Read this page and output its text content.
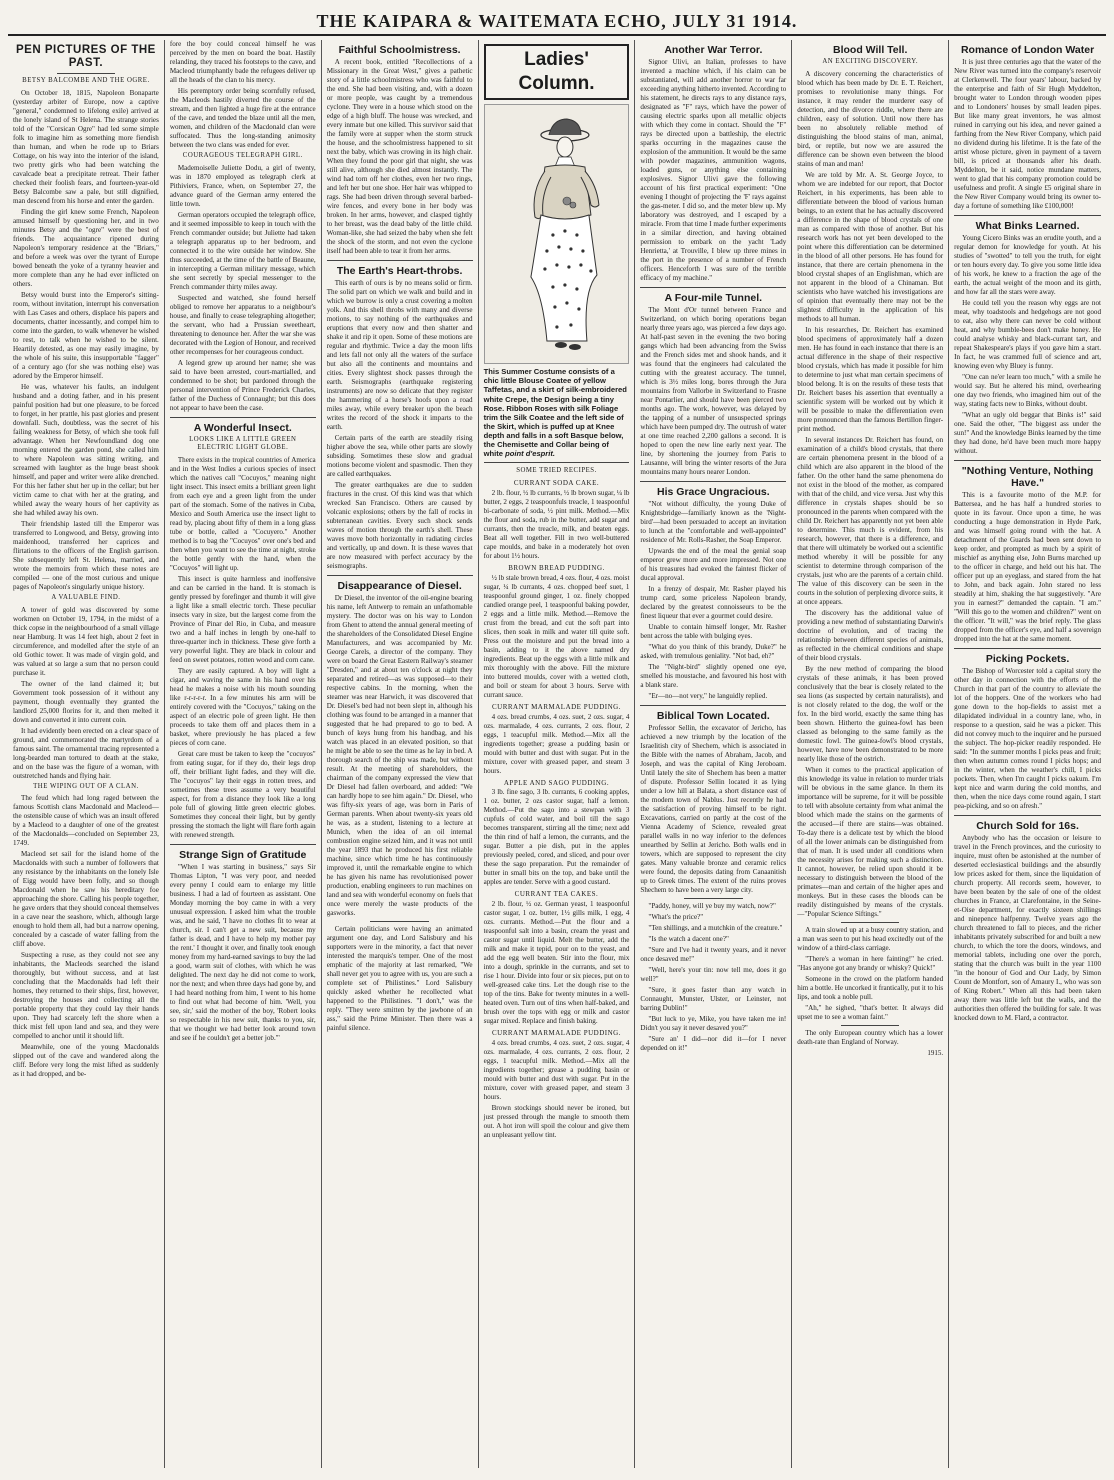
THE KAIPARA & WAITEMATA ECHO, JULY 31 1914.
PEN PICTURES OF THE PAST.
BETSY BALCOMBE AND THE OGRE.

On October 18, 1815, Napoleon Bonaparte (yesterday arbiter of Europe, now a captive "general," condemned to lifelong exile) arrived at the lonely island of St Helena. The strange stories told of the "Corsican Ogre" had led some simple folk to imagine him as something more fiendish than human, and when he rode up to Briars Cottage, on his way into the interior of the island, two pretty girls who had been watching the cavalcade beat a precipitate retreat. Their father checked their foolish fears, and fourteen-year-old Betsy Balcombe saw a pale, but still dignified, man descend from his horse and enter the garden.

Finding the girl knew some French, Napoleon amused himself by questioning her, and in two minutes Betsy and the "ogre" were the best of friends. The acquaintance ripened during Napoleon's temporary residence at the "Briars," and before a week was over the tyrant of Europe bowed beneath the yoke of a tyranny heavier and more complete than any he had ever inflicted on others.

Betsy would burst into the Emperor's sitting-room, without invitation, interrupt his conversation with Las Cases and others, displace his papers and documents, chatter incessantly, and compel him to come into the garden, to walk whenever he wished to rest, to talk when he wished to be silent. Heartily detested, as one may easily imagine, by the whole of his suite, this insupportable "fagger" of a century ago (for she was nothing else) was adored by the Emperor himself.

He was, whatever his faults, an indulgent husband and a doting father, and in his present painful position had but one pleasure, to be forced to forget, in her prattle, his past glories and present downfall. Such, doubtless, was the secret of his failing weakness for Betsy, of which she took full advantage. When her Newfoundland dog one morning entered the garden pond, she called him to where Napoleon was sitting writing, and screamed with laughter as the huge beast shook himself, and paper and writer were alike drenched. For this her father shut her up in the cellar; but her victim came to chat with her at the grating, and whiled away the weary hours of her captivity as she had whiled away his own.

Their friendship lasted till the Emperor was transferred to Longwood, and Betsy, growing into maidenhood, transferred her caprices and flirtations to the officers of the English garrison. She subsequently left St. Helena, married, and wrote the memoirs from which these notes are compiled — one of the most curious and unique pages of Napoleon's singularly unique history.

A VALUABLE FIND.

A tower of gold was discovered by some workmen on October 19, 1794, in the midst of a thick copse in the neighbourhood of a small village near Hamburg. It was 14 feet high, about 2 feet in circumference, and modelled after the style of an old Gothic tower. It was made of virgin gold, and was valued at so large a sum that no person could purchase it.

The owner of the land claimed it; but Government took possession of it without any payment, though eventually they granted the landlord 25,000 florins for it, and then melted it down and converted it into current coin.

It had evidently been erected on a clear space of ground, and commemorated the martyrdom of a famous saint. The ornamental tracing represented a long-bearded man tortured to death at the stake, and on the base was the figure of a woman, with outstretched hands and flying hair.

THE WIPING OUT OF A CLAN.

The feud which had long raged between the famous Scottish clans Macdonald and Macleod—the ostensible cause of which was an insult offered by a Macleod to a daughter of one of the greatest of the Macdonalds—concluded on September 23, 1749.

Macleod set sail for the island home of the Macdonalds with such a number of followers that any resistance by the inhabitants on the lonely Isle of Eigg would have been folly, and so though Macdonald when he saw his hereditary foe approaching the shore. Calling his people together, he gave orders that they should conceal themselves in a cave near the seashore, which, although large enough to hold them all, had but a narrow opening, concealed by a cascade of water falling from the cliff above.

Suspecting a ruse, as they could not see any inhabitants, the Macleods searched the island thoroughly, but without success, and at last concluding that the Macdonalds had left their homes, they returned to their ships, first, however, destroying the houses and collecting all the portable property that they could lay their hands upon. They had scarcely left the shore when a thick mist fell upon land and sea, and they were compelled to anchor until it should lift.

Meanwhile, one of the young Macdonalds slipped out of the cave and wandered along the cliff. Before very long the mist lifted as suddenly as it had dropped, and be-

fore the boy could conceal himself he was perceived by the men on board the boat. Hastily relanding, they traced his footsteps to the cave, and Macleod triumphantly bade the refugees deliver up all the heads of the clan to his mercy.

His peremptory order being scornfully refused, the Macleods hastily diverted the course of the stream, and then lighted a huge fire at the entrance of the cave, and tended the blaze until all the men, women, and children of the Macdonald clan were suffocated. Thus the long-standing animosity between the two clans was ended for ever.

COURAGEOUS TELEGRAPH GIRL.

Mademoiselle Juliette Dodu, a girl of twenty, was in 1870 employed as telegraph clerk at Pithiviers, France, when, on September 27, the advance guard of the German army entered the little town.

German operators occupied the telegraph office, and it seemed impossible to keep in touch with the French commander outside; but Juliette had taken a telegraph apparatus up to her bedroom, and connected it to the wire outside her window. She thus succeeded, at the time of the battle of Beaune, in intercepting a German military message, which she sent secretly by special messenger to the French commander thirty miles away.

Suspected and watched, she found herself obliged to remove her apparatus to a neighbour's house, and finally to cease telegraphing altogether; the servant, who had a Prussian sweetheart, threatening to denounce her. After the war she was decorated with the Legion of Honour, and received other recompenses for her courageous conduct.

A legend grew up around her name; she was said to have been arrested, court-martialled, and condemned to be shot; but pardoned through the personal intervention of Prince Frederick Charles, father of the Duchess of Connaught; but this does not appear to have been the case.

A Wonderful Insect.
LOOKS LIKE A LITTLE GREEN ELECTRIC LIGHT GLOBE.

There exists in the tropical countries of America and in the West Indies a curious species of insect which the natives call "Cocuyos," meaning night light insect. This insect emits a brilliant green light from each eye and a green light from the under part of the stomach. Some of the natives in Cuba, Mexico and South America use the insect light to read by, placing about fifty of them in a long glass tube or bottle, called a "Cocuyero." Another method is to bag the "Cocuyos" over one's bed and then when you want to see the time at night, stroke the bottle gently with the hand, when the "Cocuyos" will light up.

This insect is quite harmless and inoffensive and can be carried in the hand. It is stomach is gently pressed by forefinger and thumb it will give a light like a small electric torch. These peculiar insects vary in size, but the largest come from the Province of Pinar del Rio, in Cuba, and measure two and a half inches in length by one-half to three-quarter inch in thickness. These give forth a very powerful light. They are black in colour and feed on sweet potatoes, rotten wood and corn cane.

They are easily captured. A boy will light a cigar, and waving the same in his hand over his head he makes a noise with his mouth sounding like r-r-r-r-r. In a few minutes his arm will be entirely covered with the "Cocuyos," taking on the aspect of an electric pole of green light. He then proceeds to take them off and places them in a basket, where previously he has placed a few pieces of corn cane.

Great care must be taken to keep the "cocuyos" from eating sugar, for if they do, their legs drop off, their brilliant light fades, and they will die. The "cocuyos" lay their eggs in rotten trees, and sometimes these trees assume a very beautiful aspect, for from a distance they look like a long pole full of glowing little green electric globes. Sometimes they conceal their light, but by gently pressing the stomach the light will flare forth again with renewed strength.

Strange Sign of Gratitude

"When I was starting in business," says Sir Thomas Lipton, "I was very poor, and needed every penny I could earn to enlarge my little business. I had a lad of fourteen as assistant. One Monday morning the boy came in with a very unusual expression. I asked him what the trouble was, and he said, 'I have no clothes fit to wear at church, sir. I can't get a new suit, because my father is dead, and I have to help my mother pay the rent.' I thought it over, and finally took enough money from my hard-earned savings to buy the lad a good, warm suit of clothes, with which he was delighted. The next day he did not come to work, nor the next; and when three days had gone by, and I had heard nothing from him, I went to his home to find out what had become of him. 'Well, you see, sir,' said the mother of the boy, 'Robert looks so respectable in his new suit, thanks to you, sir, that we thought we had better look around town and see if he couldn't get a better job.'"

Faithful Schoolmistress.

A recent book, entitled "Recollections of a Missionary in the Great West," gives a pathetic story of a little schoolmistress who was faithful to the end. She had been visiting, and, with a dozen or more people, was caught by a tremendous cyclone. They were in a house which stood on the edge of a high bluff. The house was wrecked, and every inmate but one killed. This survivor said that the family were at supper when the storm struck the house, and the schoolmistress happened to sit next the baby, which was crowing in its high chair. When they found the poor girl that night, she was still alive, although she died almost instantly. The wind had torn off her clothes, even her two rings, and left her but one shoe. Her hair was whipped to rags. She had been driven through several barbed-wire fences, and every bone in her body was broken. In her arms, however, and clasped tightly to her breast, was the dead baby of the little child. Woman-like, she had seized the baby when she felt the shock of the storm, and not even the cyclone itself had been able to tear it from her arms.

The Earth's Heart-throbs.

This earth of ours is by no means solid or firm. The solid part on which we walk and build and in which we burrow is only a crust covering a molten yolk. And this shell throbs with many and diverse motions, to say nothing of the earthquakes and eruptions that every now and then shatter and shake it and rip it open. Some of these motions are regular and rhythmic. Twice a day the moon lifts and lets fall not only all the waters of the surface but also all the continents and mountains and cities. Every slightest shock passes through the earth. Seismographs (earthquake registering instruments) are now so delicate that they register the hammering of a horse's hoofs upon a road miles away, while every breaker upon the beach writes the record of the shock it imparts to the earth.

Certain parts of the earth are steadily rising higher above the sea, while other parts are slowly subsiding. Sometimes these slow and gradual motions become violent and spasmodic. Then they are called earthquakes.

The greater earthquakes are due to sudden fractures in the crust. Of this kind was that which wrecked San Francisco. Others are caused by volcanic explosions; others by the fall of rocks in subterranean cavities. Every such shock sends waves of motion through the earth's shell. These waves move both horizontally in radiating circles and vertically, up and down. It is these waves that are now measured with perfect accuracy by the seismographs.

Disappearance of Diesel.

Dr Diesel, the inventor of the oil-engine bearing his name, left Antwerp to remain an unfathomable mystery. The doctor was on his way to London from Ghent to attend the annual general meeting of the shareholders of the Consolidated Diesel Engine Manufacturers, and was accompanied by Mr. George Carels, a director of the company. They were on board the Great Eastern Railway's steamer "Dresden," and at about ten o'clock at night they separated and retired—as was supposed—to their respective cabins. In the morning, when the steamer was near Harwich, it was discovered that Dr. Diesel's bed had not been slept in, although his clothing was found to be arranged in a manner that suggested that he had prepared to go to bed. A bunch of keys hung from his handbag, and his watch was placed in an elevated position, so that he might be able to see the time as he lay in bed. A thorough search of the ship was made, but without result. At the meeting of shareholders, the chairman of the company expressed the view that Dr Diesel had fallen overboard, and added: "We can hardly hope to see him again." Dr. Diesel, who was fifty-six years of age, was born in Paris of German parents. When about twenty-six years old he was, as a student, listening to a lecture at Munich, when the idea of an oil internal combustion engine seized him, and it was not until the year 1893 that he produced his first reliable machine, since which time he has continuously improved it, until the remarkable engine to which he has given his name has revolutionised power production, enabling engineers to run machines on land and sea with wonderful economy on fuels that once were merely the waste products of the gasworks.

Certain politicians were having an animated argument one day, and Lord Salisbury and his supporters were in the minority, a fact that never interested the marquis's temper. One of the most emphatic of the majority at last remarked, "We shall never get you to agree with us, you are such a complete set of Philistines." Lord Salisbury quickly asked whether he recollected what happened to the Philistines. "I don't," was the reply. "They were smitten by the jawbone of an ass," said the Prime Minister. Then there was a painful silence.

Ladies' Column.
This Summer Costume consists of a chic little Blouse Coatee of yellow Taffetas, and a skirt of silk-embroidered white Crepe, the Design being a tiny Rose. Ribbon Roses with silk Foliage trim the Silk Coatee and the left side of the Skirt, which is puffed up at Knee depth and falls in a soft Basque below, the Chemisette and Collar being of white point d'esprit.
SOME TRIED RECIPES.
CURRANT SODA CAKE.

2 lb. flour, ½ lb currants, ½ lb brown sugar, ¼ lb butter, 2 eggs, 2 teaspoonfuls treacle, 1 teaspoonful bi-carbonate of soda, ½ pint milk. Method.—Mix the flour and soda, rub in the butter, add sugar and currants, then the treacle, milk, and beaten eggs. Beat all well together. Fill in two well-buttered cape moulds, and bake in a moderately hot oven for about 1½ hours.

BROWN BREAD PUDDING.

½ lb stale brown bread, 4 ozs. flour, 4 ozs. moist sugar, ¼ lb currants, 4 ozs. chopped beef suet, 1 teaspoonful ground ginger, 1 oz. finely chopped candied orange peel, 1 teaspoonful baking powder, 2 eggs and a little milk. Method.—Remove the crust from the bread, and cut the soft part into slices, then soak in milk and water till quite soft. Press out the moisture and put the bread into a basin, adding to it the above named dry ingredients. Beat up the eggs with a little milk and mix thoroughly with the above. Fill the mixture into buttered moulds, cover with a wetted cloth, and boil or steam for about 3 hours. Serve with currant sauce.

CURRANT MARMALADE PUDDING.

4 ozs. bread crumbs, 4 ozs. suet, 2 ozs. sugar, 4 ozs. marmalade, 4 ozs. currants, 2 ozs. flour, 2 eggs, 1 teacupful milk. Method.—Mix all the ingredients together; grease a pudding basin or mould with butter and dust with sugar. Put in the mixture, cover with greased paper, and steam 3 hours.

APPLE AND SAGO PUDDING.

3 lb. fine sago, 3 lb. currants, 6 cooking apples, 1 oz. butter, 2 ozs castor sugar, half a lemon. Method.—Put the sago into a stewpan with 3 cupfuls of cold water, and boil till the sago becomes transparent, stirring all the time; next add the thin rind of half a lemon, the currants, and the sugar. Butter a pie dish, put in the apples previously peeled, cored, and sliced, and pour over these the sago preparation. Put the remainder of butter in small bits on the top, and bake until the apples are tender. Serve with a good custard.

CURRANT TEA CAKES.

2 lb. flour, ½ oz. German yeast, 1 teaspoonful castor sugar, 1 oz. butter, 1½ gills milk, 1 egg, 4 ozs. currants. Method.—Put the flour and a teaspoonful salt into a basin, cream the yeast and castor sugar until liquid. Melt the butter, add the milk and make it tepid, pour on to the yeast, and add the egg well beaten. Stir into the flour, mix into a dough, sprinkle in the currants, and set to rise 1 hour. Divide into four or six pieces, put on to well-greased cake tins. Let the dough rise to the top of the tins. Bake for twenty minutes in a well-heated oven. Turn out of tins when half-baked, and brush over the tops with egg or milk and castor sugar mixed. Replace and finish baking.

CURRANT MARMALADE PUDDING.

4 ozs. bread crumbs, 4 ozs. suet, 2 ozs. sugar, 4 ozs. marmalade, 4 ozs. currants, 2 ozs. flour, 2 eggs, 1 teacupful milk. Method.—Mix all the ingredients together; grease a pudding basin or mould with butter and dust with sugar. Put in the mixture, cover with greased paper, and steam 3 hours.

Brown stockings should never be ironed, but just pressed through the mangle to smooth them out. A hot iron will spoil the colour and give them an unpleasant yellow tint.

Another War Terror.

Signor Ulivi, an Italian, professes to have invented a machine which, if his claim can be substantiated, will add another horror to war far exceeding anything hitherto invented. According to his statement, he directs rays to any distance rays, designated as "F" rays, which have the power of causing electric sparks upon all metallic objects with which they come in contact. Should the "F" rays be directed upon a battleship, the electric sparks occurring in the magazines cause the explosion of the ammunition. It would be the same with powder magazines, ammunition wagons, loaded guns, or anything else containing explosives. Signor Ulivi gave the following account of his first practical experiment: "One evening I thought of projecting the 'F' rays against the gas-meter. I did so, and the meter blew up. My laboratory was destroyed, and I escaped by a miracle. From that time I made further experiments in a similar direction, and having obtained permission to embark on the yacht 'Lady Henrietta,' at Trouville, I blew up three mines in the port in the presence of a number of French officers. Henceforth I was sure of the terrible efficacy of my machine."

A Four-mile Tunnel.

The Mont d'Or tunnel between France and Switzerland, on which boring operations began nearly three years ago, was pierced a few days ago. At half-past seven in the evening the two boring gangs which had been advancing from the Swiss and the French sides met and shook hands, and it was found that the engineers had calculated the cutting with the greatest accuracy. The tunnel, which is 3½ miles long, bores through the Jura mountains from Vallorbe in Switzerland to Frasne near Pontarlier, and should have been pierced two months ago. The work, however, was delayed by the tapping of a number of unsuspected springs which have been pumped dry. The outrush of water at one time reached 2,200 gallons a second. It is hoped to open the new line early next year. The line, by shortening the journey from Paris to Lausanne, will bring the winter resorts of the Jura mountains many hours nearer London.

His Grace Ungracious.

"Not without difficulty, the young Duke of Knightsbridge—familiarly known as the 'Night-bird'—had been persuaded to accept an invitation to lunch at the "comfortable and well-appointed" residence of Mr. Rolls-Rasher, the Soap Emperor.

Upwards the end of the meal the genial soap emperor grew more and more impressed. Not one of his treasures had evoked the faintest flicker of ducal approval.

In a frenzy of despair, Mr. Rasher played his trump card, some priceless Napoleon brandy, declared by the greatest connoisseurs to be the finest liqueur that ever a gourmet could desire.

Unable to contain himself longer, Mr. Rasher bent across the table with bulging eyes.

"What do you think of this brandy, Duke?" he asked, with tremulous geniality. "Not bad, eh?"

The "Night-bird" slightly opened one eye, smelled his moustache, and favoured his host with a blank stare.

"Er—no—not very," he languidly replied.

Biblical Town Located.

Professor Sellin, the excavator of Jericho, has achieved a new triumph by the location of the Israelitish city of Shechem, which is associated in the Bible with the names of Abraham, Jacob, and Joseph, and was the capital of King Jeroboam. Until lately the site of Shechem has been a matter of dispute. Professor Sellin located it as lying under a low hill at Balata, a short distance east of the modern town of Nablus. Just recently he had the satisfaction of proving himself to be right. Excavations, carried on partly at the cost of the Vienna Academy of Science, revealed great parallel walls in no way inferior to the defences unearthed by Sellin at Jericho. Both walls end in towers, which are supposed to represent the city gates. Many valuable bronze and ceramic relics were found, the deposits dating from Canaanitish up to Greek times. The extent of the ruins proves Shechem to have been a very large city.

"Paddy, honey, will ye buy my watch, now?"

"What's the price?"

"Ten shillings, and a mutchkin of the creature."

"Is the watch a dacent one?"

"Sure and I've had it twenty years, and it never once desaved me!"

"Well, here's your tin: now tell me, does it go well?"

"Sure, it goes faster than any watch in Connaught, Munster, Ulster, or Leinster, not barring Dublin!"

"But luck to ye, Mike, you have taken me in! Didn't you say it never desaved you?"

"Sure an' I did—nor did it—for I never depended on it!"

Blood Will Tell.
AN EXCITING DISCOVERY.

A discovery concerning the characteristics of blood which has been made by Dr. E. T. Reichert, promises to revolutionise many things. For instance, it may render the murderer easy of detection, and the divorce riddle, where there are children, easy of solution. Until now there has been no absolutely reliable method of distinguishing the blood stains of man, animal, bird, or reptile, but now we are assured the difference can be shown even between the blood stains of man and man!

We are told by Mr. A. St. George Joyce, to whom we are indebted for our report, that Doctor Reichert, in his experiments, has been able to differentiate between the blood of various human beings, to an extent that he has actually discovered a difference in the shape of blood crystals of one man as compared with those of another. But his research work has not yet been developed to the point where this differentiation can be determined in the blood of all other persons. He has found for instance, that there are certain phenomena in the blood crystal shapes of an Englishman, which are not apparent in the blood of a Chinaman. But scientists who have watched his investigations are of opinion that eventually there may not be the slightest difficulty in the application of his methods to all human.

In his researches, Dr. Reichert has examined blood specimens of approximately half a dozen men. He has found in each instance that there is an actual difference in the shape of their respective blood crystals, which has made it possible for him to determine to just what man certain specimens of blood belong. It is on the results of these tests that Dr. Reichert bases his assertion that eventually a scientific system will be worked out by which it will be possible to make the differentiation even more pronounced than the famous Bertillon finger-print method.

In several instances Dr. Reichert has found, on examination of a child's blood crystals, that there are certain phenomena present in the blood of a child which are also apparent in the blood of the father. On the other hand the same phenomena do not exist in the blood of the mother, as compared with that of the child, and vice versa. Just why this difference in crystals shapes should be so pronounced in the parents when compared with the child Dr. Reichert has apparently not yet been able to determine. This much is evident, from his research, however, that there is a difference, and that there will ultimately be worked out a scientific method whereby it will be possible for any scientist to determine through comparison of the crystals, just who are the parents of a certain child. The value of this discovery can be seen in the courts in the solution of perplexing divorce suits, it at once appears.

The discovery has the additional value of providing a new method of substantiating Darwin's doctrine of evolution, and of tracing the relationship between different species of animals, as reflected in the chemical conditions and shape of their blood crystals.

By the new method of comparing the blood crystals of these animals, it has been proved conclusively that the bear is closely related to the sea lions (as suspected by certain naturalists), and is not closely related to the dog, the wolf or the fox. In the bird world, exactly the same thing has been shown. Hitherto the guinea-fowl has been classed as belonging to the same family as the domestic fowl. The guinea-fowl's blood crystals, however, have now been demonstrated to be more nearly like those of the ostrich.

When it comes to the practical application of this knowledge its value in relation to murder trials will be obvious in the same glance. In them its importance will be supreme, for it will be possible to tell with absolute certainty from what animal the blood which made the stains on the garments of the accused—if there are stains—was obtained. To-day there is a delicate test by which the blood of all the lower animals can be distinguished from that of man. It is used under all conditions when the necessity arises for making such a distinction. It cannot, however, be relied upon should it be necessary to distinguish between the blood of the primates—man and certain of the higher apes and monkeys. But in these cases the bloods can be readily distinguished by means of the crystals.—"Popular Science Siftings."

A train slowed up at a busy country station, and a man was seen to put his head excitedly out of the window of a third-class carriage.

"There's a woman in here fainting!" he cried. "Has anyone got any brandy or whisky? Quick!"

Someone in the crowd on the platform handed him a bottle. He uncorked it frantically, put it to his lips, and took a noble pull.

"Ah," he sighed, "that's better. It always did upset me to see a woman faint."

The only European country which has a lower death-rate than England of Norway.

1915.
Romance of London Water

It is just three centuries ago that the water of the New River was turned into the company's reservoir at Clerkenwell. The four years' labour, backed by the enterprise and faith of Sir Hugh Myddelton, brought water to London through wooden pipes and to Londoners' houses by small leaden pipes. But like many great inventors, he was almost ruined in carrying out his idea, and never gained a farthing from the New River Company, which paid no dividend during his lifetime. It is the fate of the artist whose picture, given in payment of a tavern bill, is priced at thousands after his death. Myddelton, be it said, notice mundane matters, went to glad that his company promotion could be usefulness and profit. A single £5 original share in the New River Company would bring its owner to-day a fortune of something like £100,000!

What Binks Learned.

Young Cicero Binks was an erudite youth, and a regular demon for knowledge for youth. At his studies of "swotted" to tell you the truth, for eight or ten hours every day. To give you some little idea of his work, he knew to a fraction the age of the earth, the actual weight of the moon and its girth, and how far all the stars were away.

He could tell you the reason why eggs are not meat, why toadstools and hedgehogs are not good to eat, also why there can never be cold without heat, and why bumble-bees don't make honey. He could analyse whisky and black-currant tart, and repeat Shakespeare's plays if you gave him a start. In fact, he was crammed full of science and art, knowing even why Bluey is funny.

"One can ne'er learn too much," with a smile he would say. But he altered his mind, overhearing one day two friends, who imagined him out of the way, stating facts new to Binks, without doubt.

"What an ugly old beggar that Binks is!" said one. Said the other, "The biggest ass under the sun!" And the knowledge Binks learned by the time they had done, he'd have been much more happy without.

"Nothing Venture, Nothing Have."

This is a favourite motto of the M.P. for Battersea, and he has half a hundred stories to quote in its favour. Once upon a time, he was conducting a huge demonstration in Hyde Park, and was himself going round with the hat. A detachment of the Guards had been sent down to keep order, and prompted as much by a spirit of mischief as anything else, John Burns marched up to the officer in charge, and held out his hat. The officer put up an eyeglass, and stared from the hat to John, and back again. John stared no less steadily at him, shaking the hat suggestively. "Are you in earnest?" demanded the captain. "I am." "Will this go to the women and children?" went on the officer. "It will," was the brief reply. The glass dropped from the officer's eye, and half a sovereign dropped into the hat at the same moment.

Picking Pockets.

The Bishop of Worcester told a capital story the other day in connection with the efforts of the Church in that part of the country to alleviate the lot of the hoppers. One of the workers who had gone down to the hop-fields to assist met a dilapidated individual in a country lane, who, in response to a question, said he was a picker. This did not convey much to the inquirer and he pursued the subject. The hop-picker readily responded. He said: "In the summer months I picks peas and fruit; then when autumn comes round I picks hops; and in the winter, when the weather's chill, I picks pockets. Then, when I'm caught I picks oakum. I'm kept nice and warm during the cold months, and then, when the nice days come round again, I start pea-picking, and so on afresh."

Church Sold for 16s.

Anybody who has the occasion or leisure to travel in the French provinces, and the curiosity to inquire, must often be astonished at the number of deserted ecclesiastical buildings and the absurdly low prices asked for them, since the liquidation of church property. All records seem, however, to have been beaten by the sale of one of the oldest churches in France, at Clarefontaine, in the Seine-et-Oise department, for exactly sixteen shillings and ninepence halfpenny. Twelve years ago the church threatened to fall to pieces, and the richer inhabitants privately subscribed for and built a new church, to which the tore the doors, windows, and memorial tablets, including one over the porch, stating that the church was built in the year 1100 "in the honour of God and Our Lady, by Simon Count de Montfort, son of Amaury I., who was son of King Robert." When all this had been taken away there was little left but the walls, and the authorities then offered the building for sale. It was knocked down to M. Flard, a contractor.
